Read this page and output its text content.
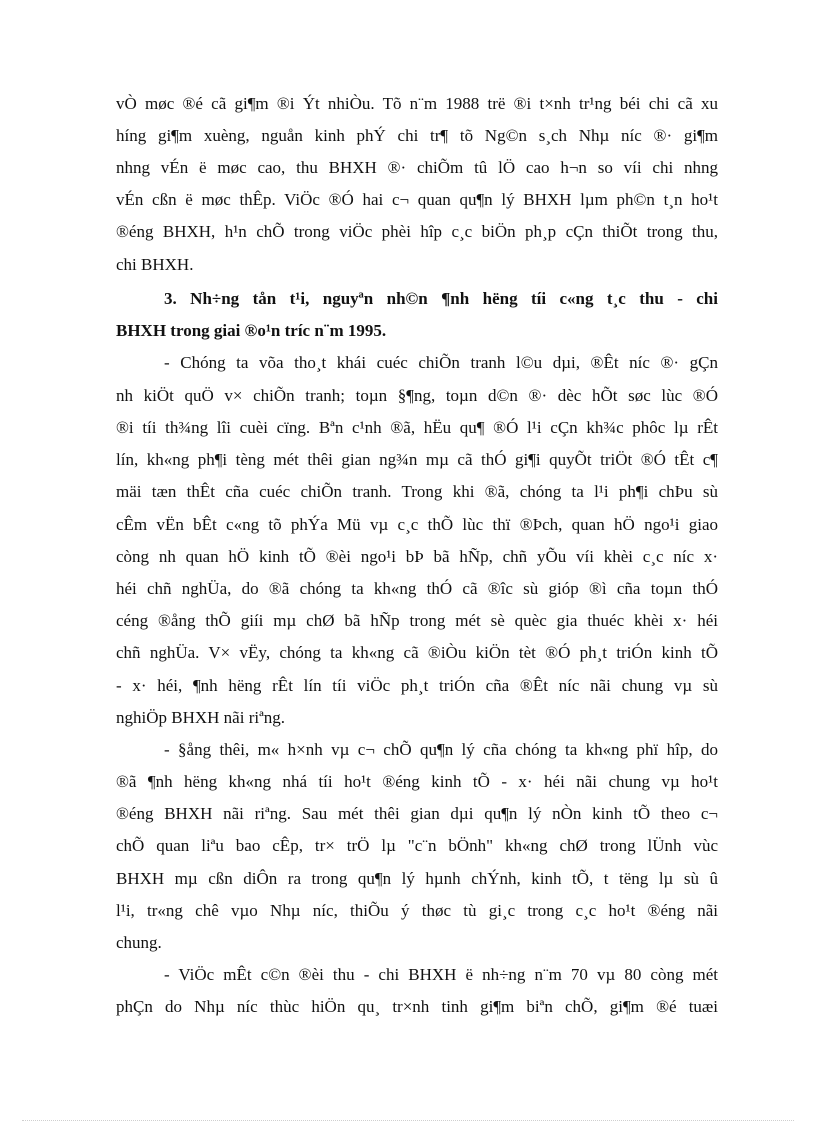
vÒ møc ®é cã gi¶m ®i Ýt nhiÒu. Tõ n¨m 1988 trë ®i t×nh tr¹ng béi chi cã xu
híng gi¶m xuèng, nguån kinh phÝ chi tr¶ tõ Ng©n s¸ch Nhµ níc ®· gi¶m
nhng vÉn ë møc cao, thu BHXH ®· chiÕm tû lÖ cao h¬n so víi chi nhng
vÉn cßn ë møc thÊp. ViÖc ®Ó hai c¬ quan qu¶n lý BHXH lµm ph©n t¸n ho¹t
®éng BHXH, h¹n chÕ trong viÖc phèi hîp c¸c biÖn ph¸p cÇn thiÕt trong thu,
chi BHXH.
3. Nh÷ng tån t¹i, nguyªn nh©n ¶nh hëng tíi c«ng t¸c thu - chi
BHXH trong giai ®o¹n tríc n¨m 1995.
- Chóng ta võa tho¸t khái cuéc chiÕn tranh l©u dµi, ®Êt níc ®· gÇn
nh kiÖt quÖ v× chiÕn tranh; toµn §¶ng, toµn d©n ®· dèc hÕt søc lùc ®Ó
®i tíi th¾ng lîi cuèi cïng. Bªn c¹nh ®ã, hËu qu¶ ®Ó l¹i cÇn kh¾c phôc lµ rÊt
lín, kh«ng ph¶i tèng mét thêi gian ng¾n mµ cã thÓ gi¶i quyÕt triÖt ®Ó tÊt c¶
mäi tæn thÊt cña cuéc chiÕn tranh. Trong khi ®ã, chóng ta l¹i ph¶i chÞu sù
cÊm vËn bÊt c«ng tõ phÝa Mü vµ c¸c thÕ lùc thï ®Þch, quan hÖ ngo¹i giao
còng nh quan hÖ kinh tÕ ®èi ngo¹i bÞ bã hÑp, chñ yÕu víi khèi c¸c níc x·
héi chñ nghÜa, do ®ã chóng ta kh«ng thÓ cã ®îc sù gióp ®ì cña toµn thÓ
céng ®ång thÕ giíi mµ chØ bã hÑp trong mét sè quèc gia thuéc khèi x· héi
chñ nghÜa. V× vËy, chóng ta kh«ng cã ®iÒu kiÖn tèt ®Ó ph¸t triÓn kinh tÕ
- x· héi, ¶nh hëng rÊt lín tíi viÖc ph¸t triÓn cña ®Êt níc nãi chung vµ sù
nghiÖp BHXH nãi riªng.
- §ång thêi, m« h×nh vµ c¬ chÕ qu¶n lý cña chóng ta kh«ng phï hîp, do
®ã ¶nh hëng kh«ng nhá tíi ho¹t ®éng kinh tÕ - x· héi nãi chung vµ ho¹t
®éng BHXH nãi riªng. Sau mét thêi gian dµi qu¶n lý nÒn kinh tÕ theo c¬
chÕ quan liªu bao cÊp, tr× trÖ lµ "c¨n bÖnh" kh«ng chØ trong lÜnh vùc
BHXH mµ cßn diÔn ra trong qu¶n lý hµnh chÝnh, kinh tÕ, t tëng lµ sù û
l¹i, tr«ng chê vµo Nhµ níc, thiÕu ý thøc tù gi¸c trong c¸c ho¹t ®éng nãi
chung.
- ViÖc mÊt c©n ®èi thu - chi BHXH ë nh÷ng n¨m 70 vµ 80 còng mét
phÇn do Nhµ níc thùc hiÖn qu¸ tr×nh tinh gi¶m biªn chÕ, gi¶m ®é tuæi
